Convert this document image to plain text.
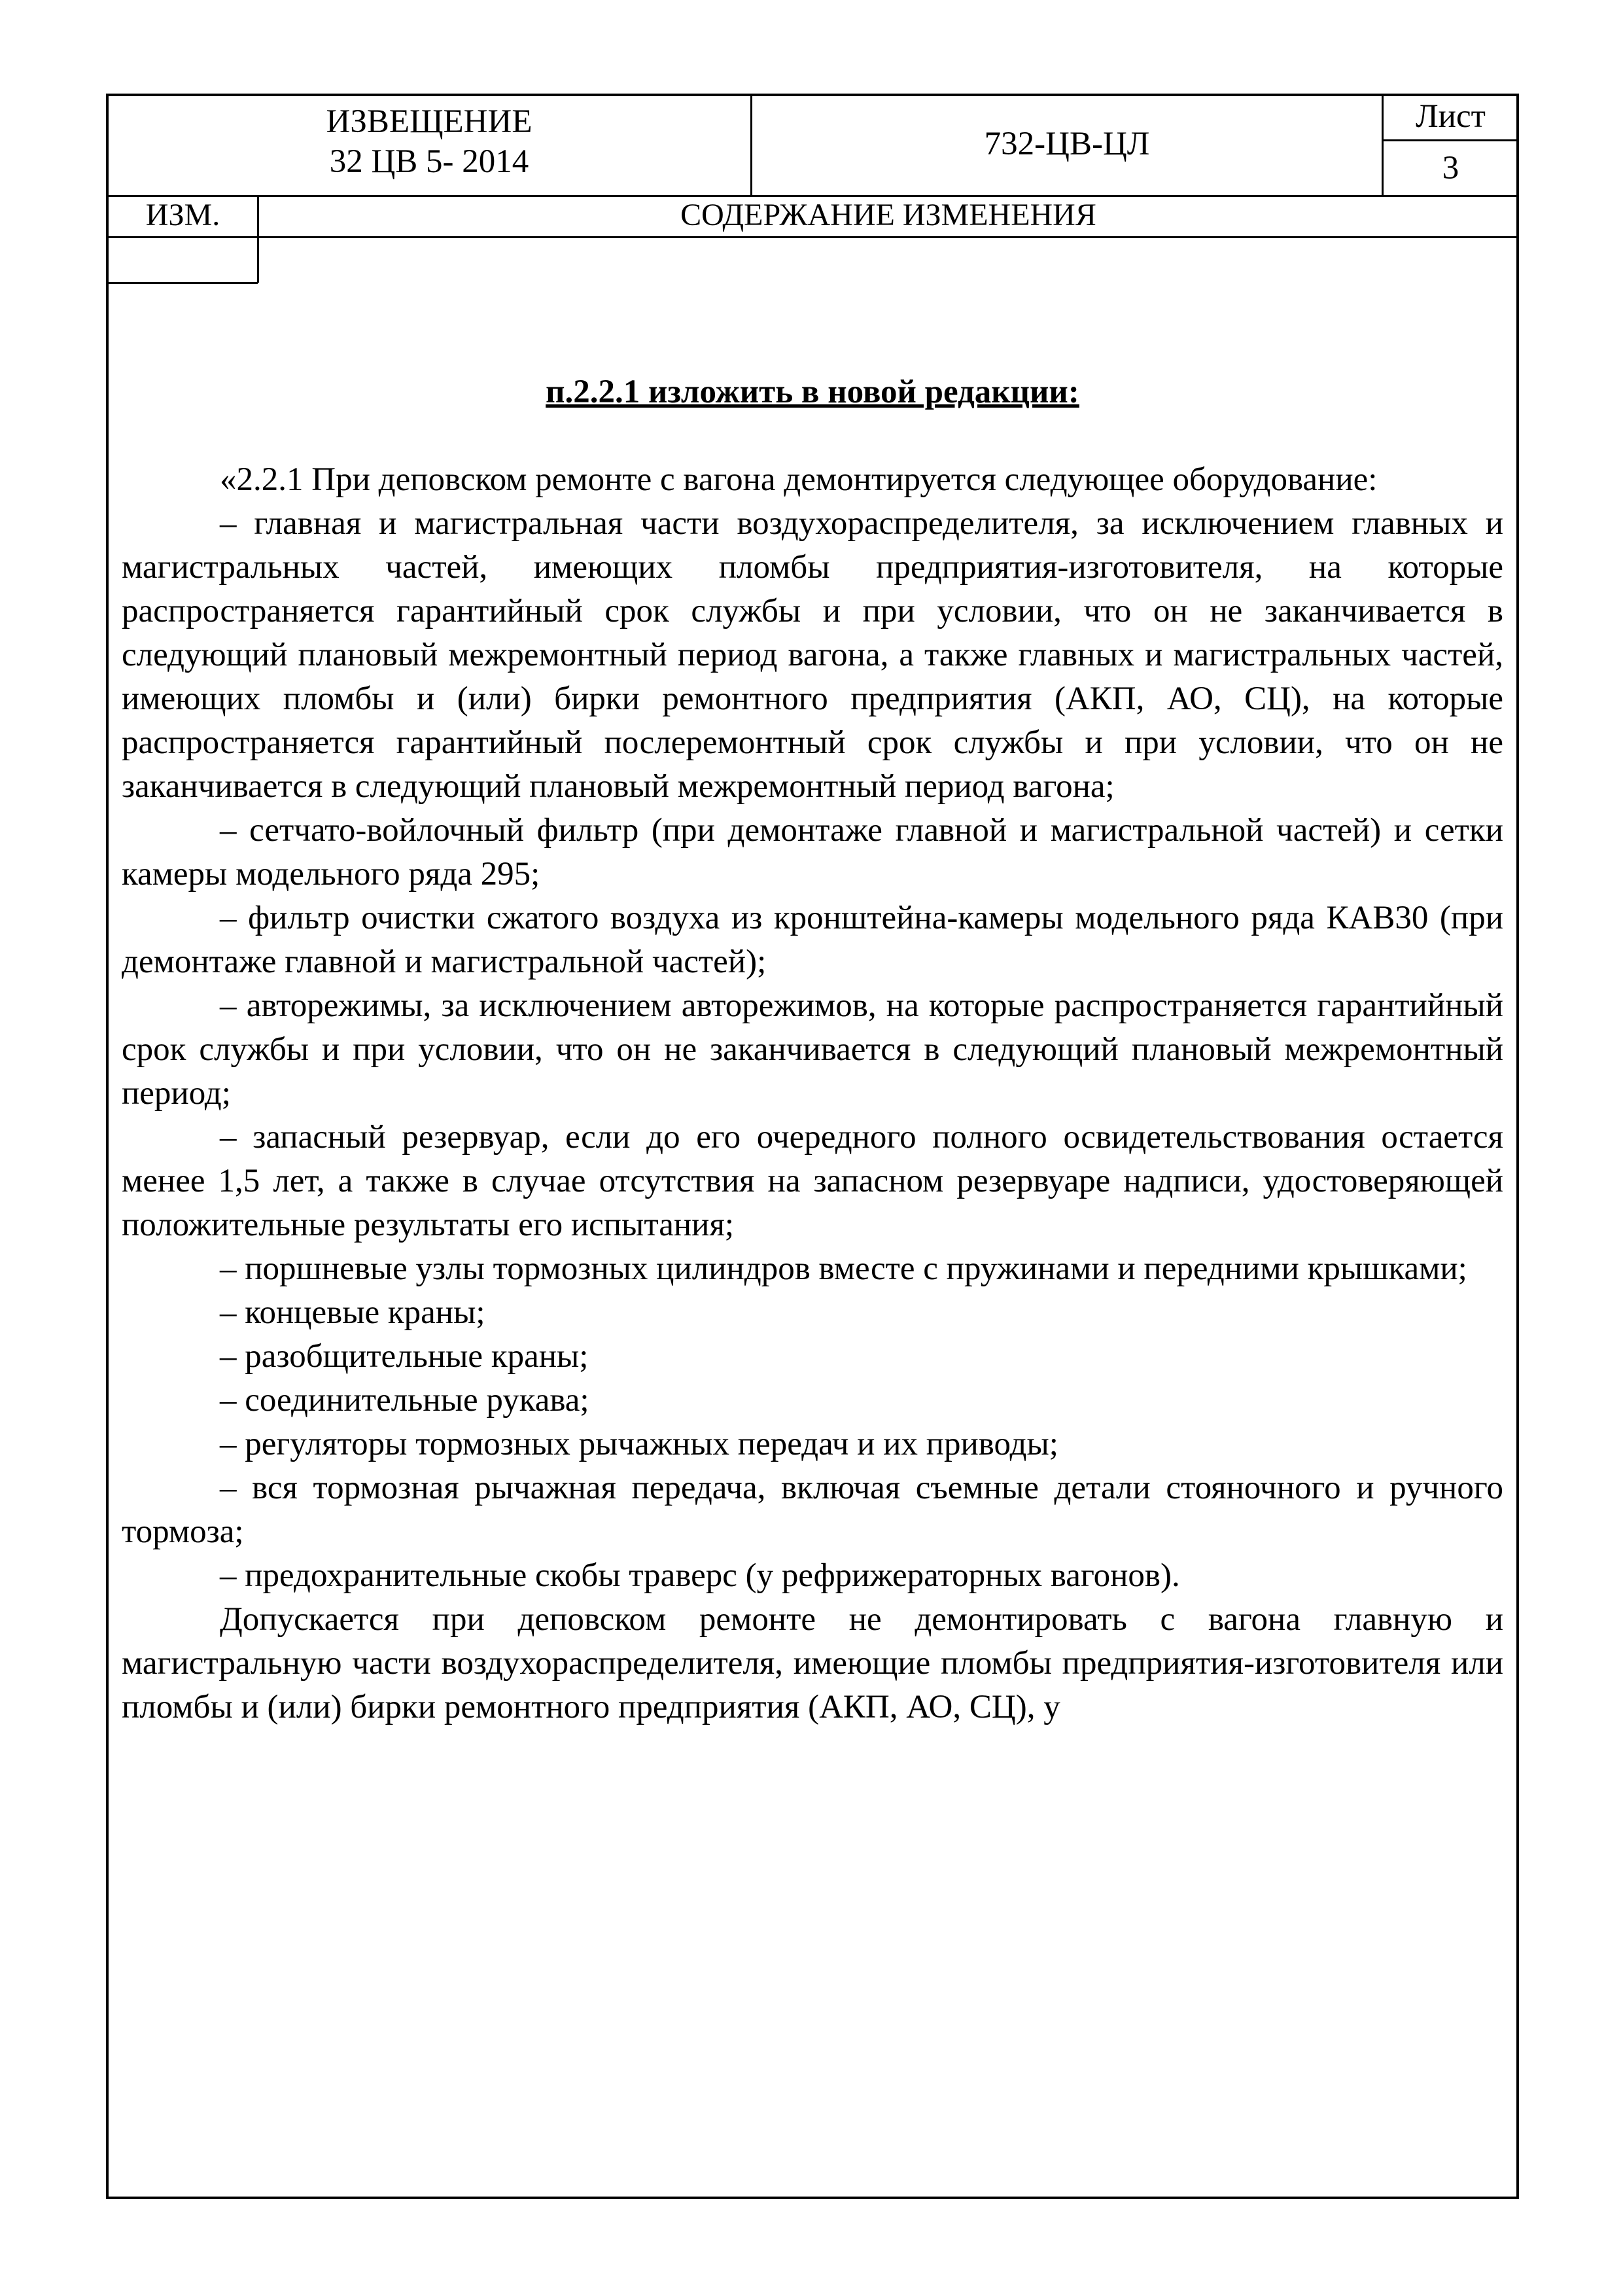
ИЗВЕЩЕНИЕ
32 ЦВ 5- 2014	732-ЦВ-ЦЛ
Лист
3
ИЗМ.	СОДЕРЖАНИЕ ИЗМЕНЕНИЯ
п.2.2.1 изложить в новой редакции:

«2.2.1 При деповском ремонте с вагона демонтируется следующее оборудование:

– главная и магистральная части воздухораспределителя, за исключением главных и магистральных частей, имеющих пломбы предприятия-изготовителя, на которые распространяется гарантийный срок службы и при условии, что он не заканчивается в следующий плановый межремонтный период вагона, а также главных и магистральных частей, имеющих пломбы и (или) бирки ремонтного предприятия (АКП, АО, СЦ), на которые распространяется гарантийный послеремонтный срок службы и при условии, что он не заканчивается в следующий плановый межремонтный период вагона;

– сетчато-войлочный фильтр (при демонтаже главной и магистральной частей) и сетки камеры модельного ряда 295;

– фильтр очистки сжатого воздуха из кронштейна-камеры модельного ряда КАВ30 (при демонтаже главной и магистральной частей);

– авторежимы, за исключением авторежимов, на которые распространяется гарантийный срок службы и при условии, что он не заканчивается в следующий плановый межремонтный период;

– запасный резервуар, если до его очередного полного освидетельствования остается менее 1,5 лет, а также в случае отсутствия на запасном резервуаре надписи, удостоверяющей положительные результаты его испытания;

– поршневые узлы тормозных цилиндров вместе с пружинами и передними крышками;

– концевые краны;

– разобщительные краны;

– соединительные рукава;

– регуляторы тормозных рычажных передач и их приводы;

– вся тормозная рычажная передача, включая съемные детали стояночного и ручного тормоза;

– предохранительные скобы траверс (у рефрижераторных вагонов).

Допускается при деповском ремонте не демонтировать с вагона главную и магистральную части воздухораспределителя, имеющие пломбы предприятия-изготовителя или пломбы и (или) бирки ремонтного предприятия (АКП, АО, СЦ), у
